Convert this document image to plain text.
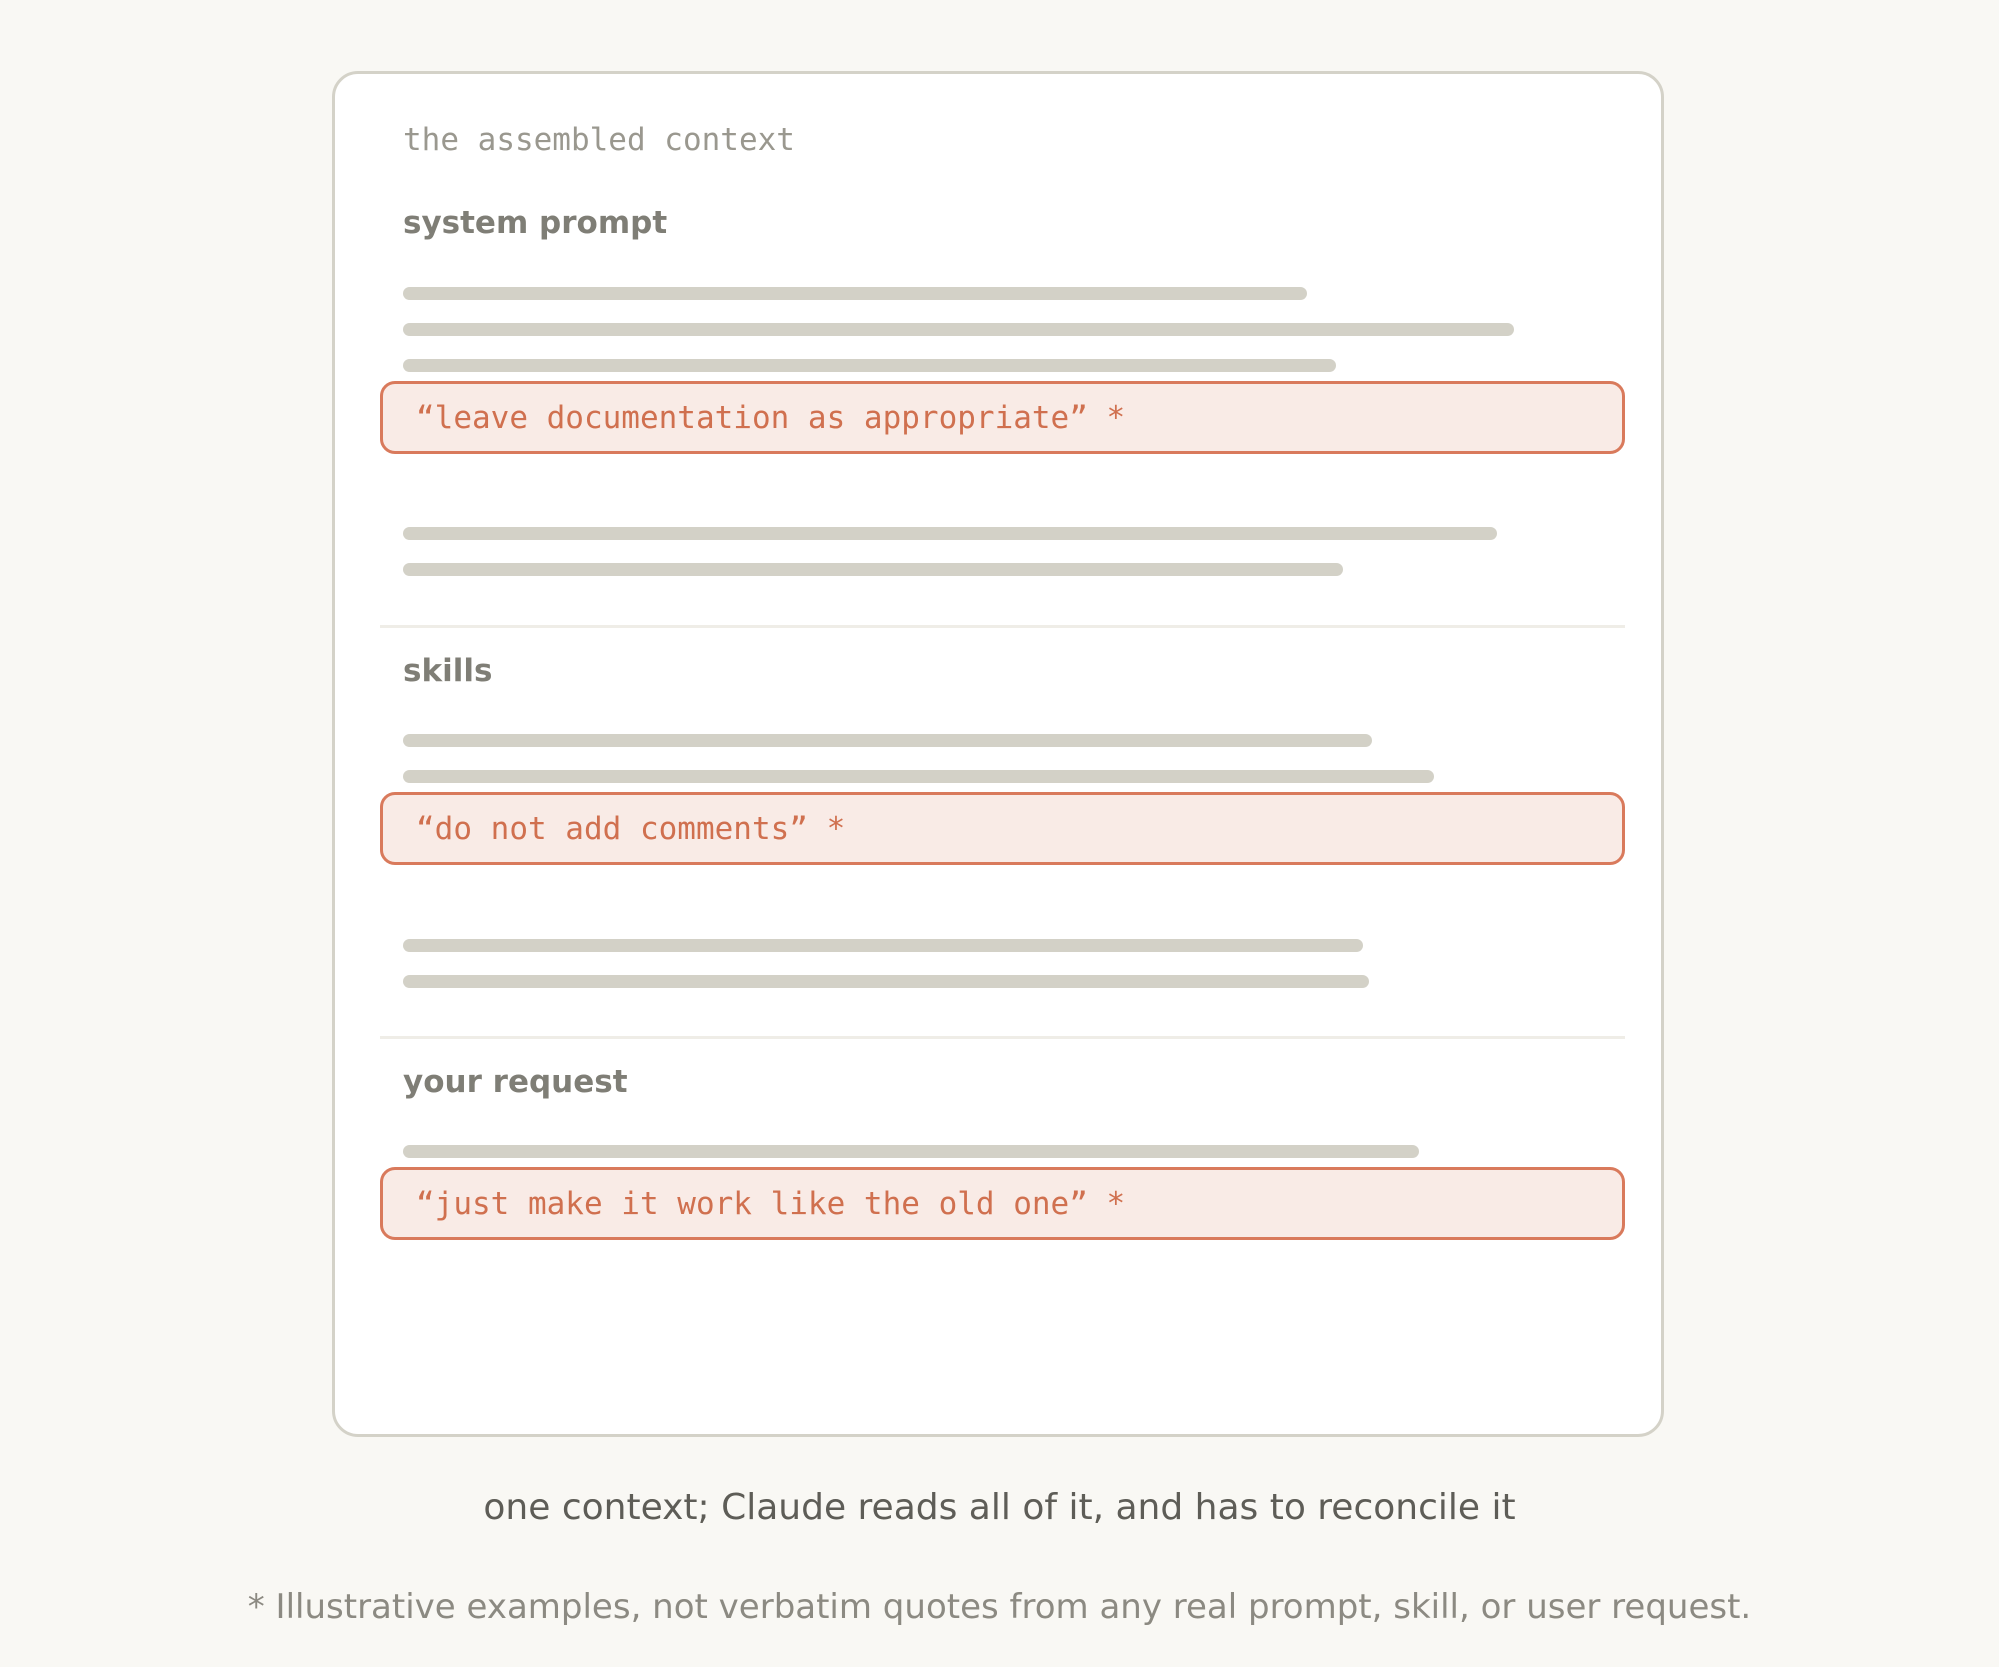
the assembled context
system prompt
“leave documentation as appropriate” *
skills
“do not add comments” *
your request
“just make it work like the old one” *
one context; Claude reads all of it, and has to reconcile it
* Illustrative examples, not verbatim quotes from any real prompt, skill, or user request.
